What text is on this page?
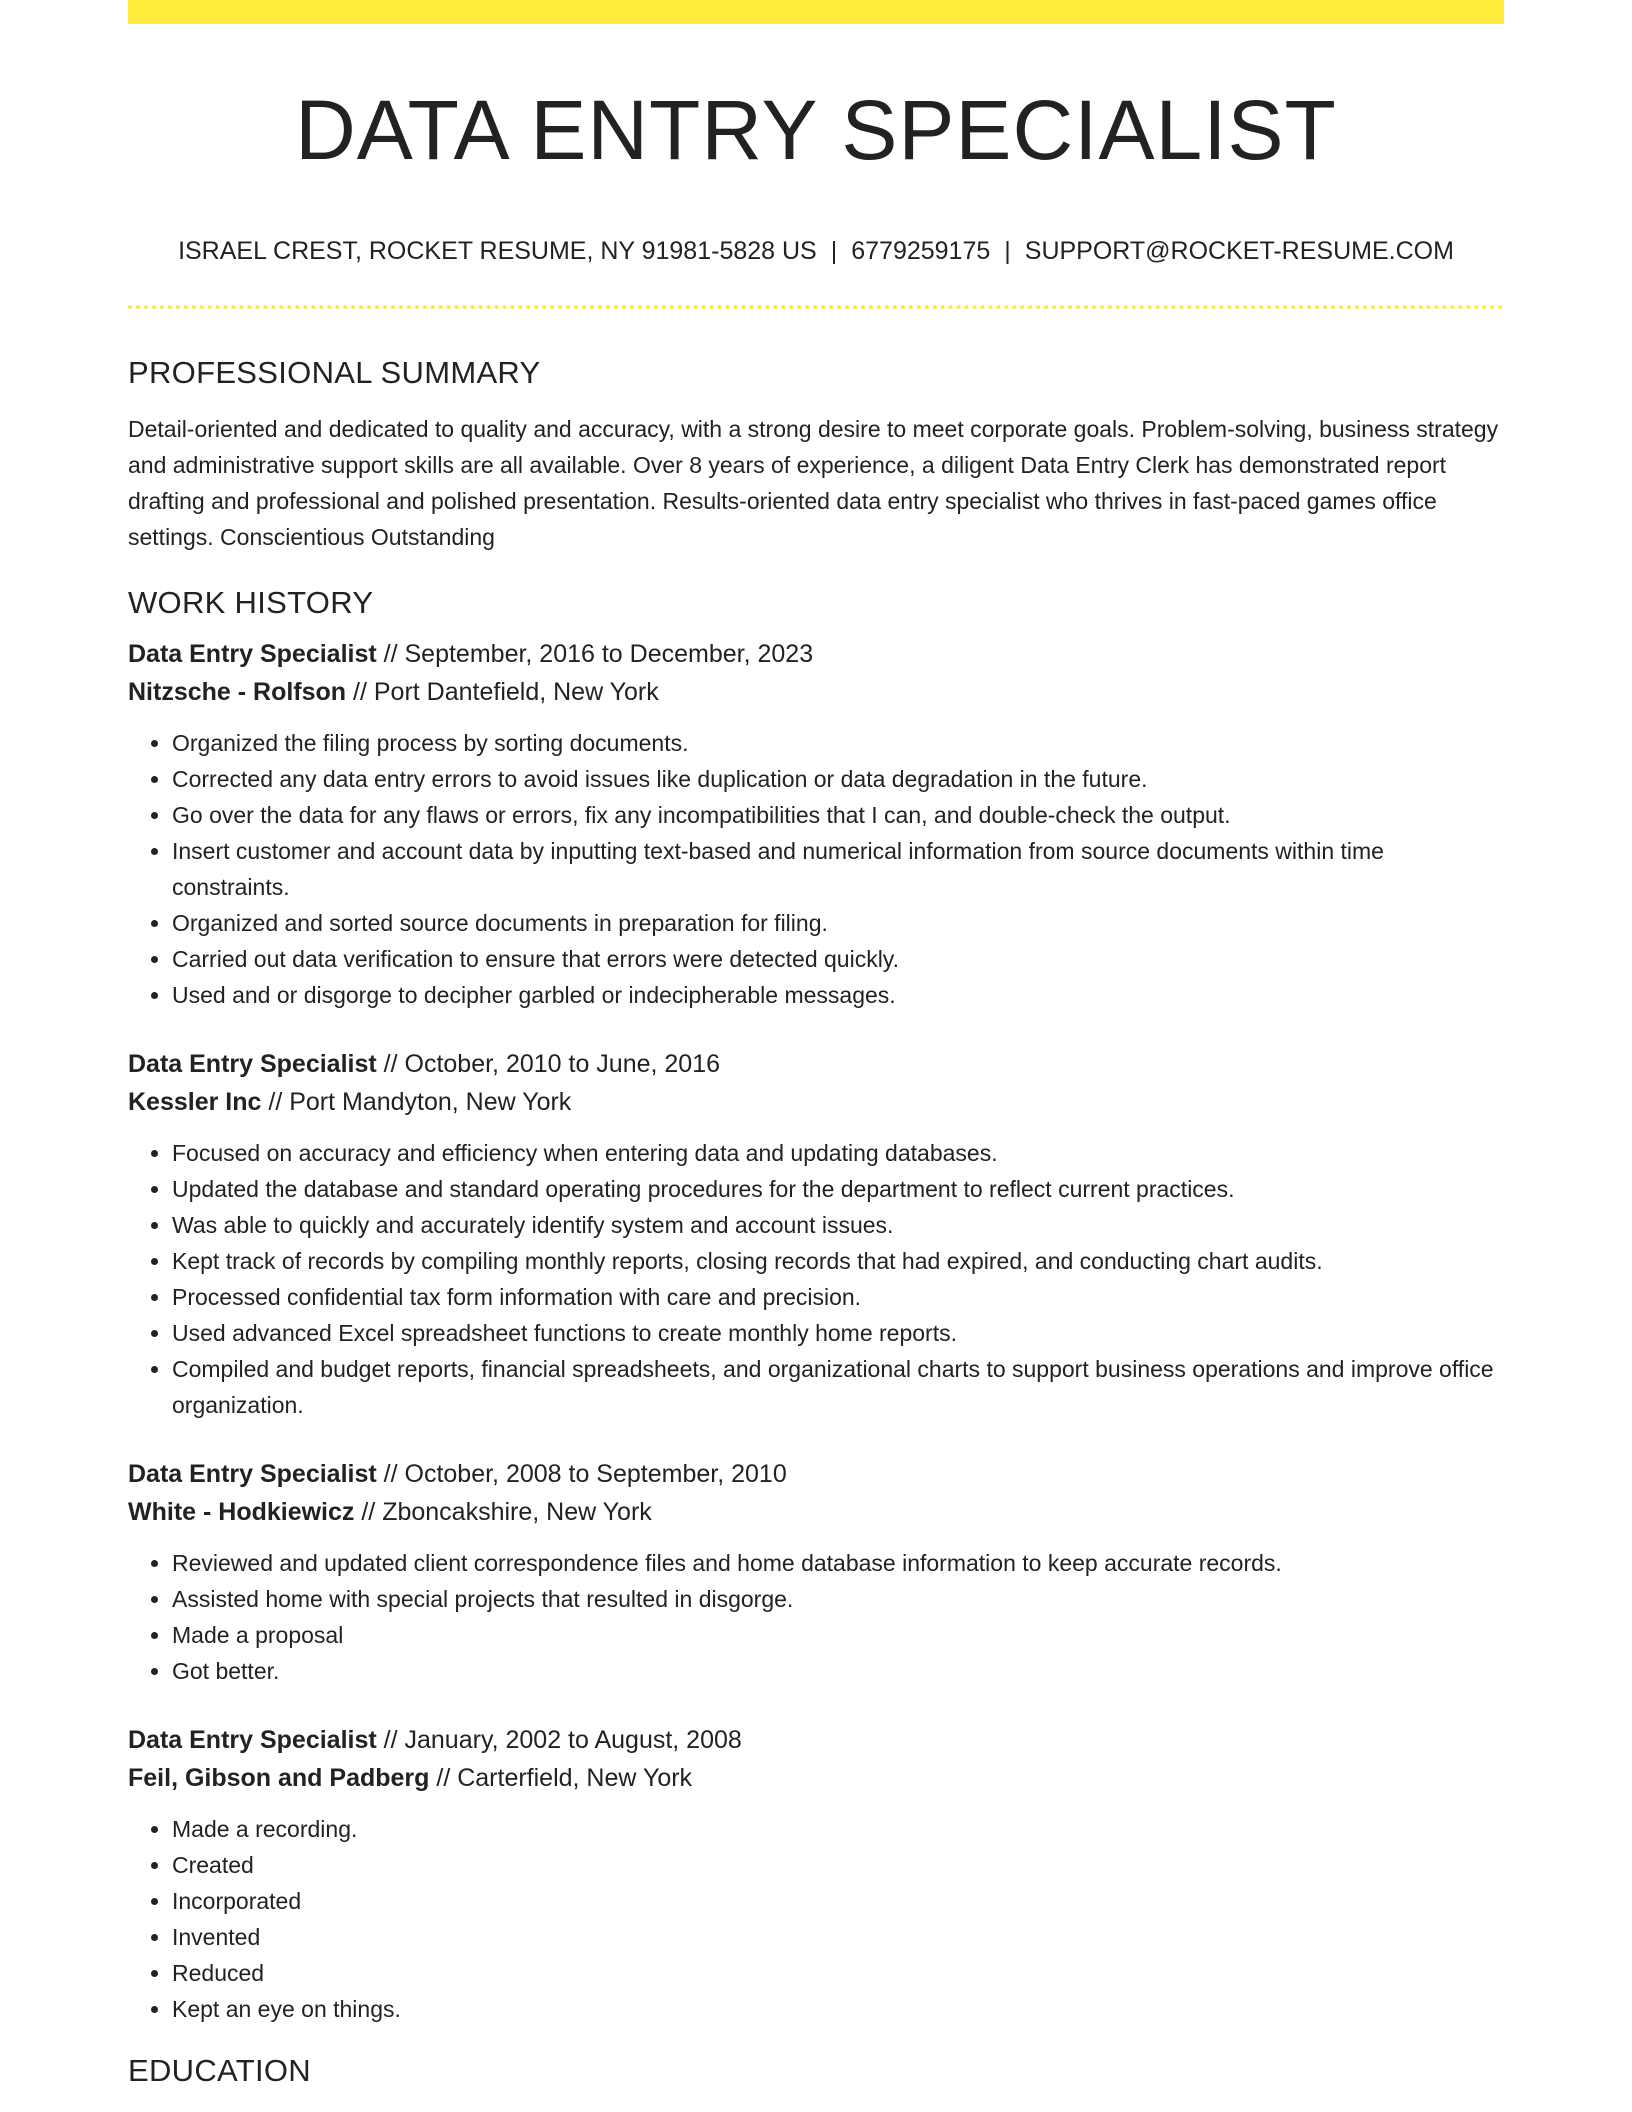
DATA ENTRY SPECIALIST
ISRAEL CREST, ROCKET RESUME, NY 91981-5828 US | 6779259175 | SUPPORT@ROCKET-RESUME.COM
PROFESSIONAL SUMMARY

Detail-oriented and dedicated to quality and accuracy, with a strong desire to meet corporate goals. Problem-solving, business strategy and administrative support skills are all available. Over 8 years of experience, a diligent Data Entry Clerk has demonstrated report drafting and professional and polished presentation. Results-oriented data entry specialist who thrives in fast-paced games office settings. Conscientious Outstanding

WORK HISTORY

Data Entry Specialist // September, 2016 to December, 2023

Nitzsche - Rolfson // Port Dantefield, New York

• Organized the filing process by sorting documents.
• Corrected any data entry errors to avoid issues like duplication or data degradation in the future.
• Go over the data for any flaws or errors, fix any incompatibilities that I can, and double-check the output.
• Insert customer and account data by inputting text-based and numerical information from source documents within time constraints.
• Organized and sorted source documents in preparation for filing.
• Carried out data verification to ensure that errors were detected quickly.
• Used and or disgorge to decipher garbled or indecipherable messages.

Data Entry Specialist // October, 2010 to June, 2016

Kessler Inc // Port Mandyton, New York

• Focused on accuracy and efficiency when entering data and updating databases.
• Updated the database and standard operating procedures for the department to reflect current practices.
• Was able to quickly and accurately identify system and account issues.
• Kept track of records by compiling monthly reports, closing records that had expired, and conducting chart audits.
• Processed confidential tax form information with care and precision.
• Used advanced Excel spreadsheet functions to create monthly home reports.
• Compiled and budget reports, financial spreadsheets, and organizational charts to support business operations and improve office organization.

Data Entry Specialist // October, 2008 to September, 2010

White - Hodkiewicz // Zboncakshire, New York

• Reviewed and updated client correspondence files and home database information to keep accurate records.
• Assisted home with special projects that resulted in disgorge.
• Made a proposal
• Got better.

Data Entry Specialist // January, 2002 to August, 2008

Feil, Gibson and Padberg // Carterfield, New York

• Made a recording.
• Created
• Incorporated
• Invented
• Reduced
• Kept an eye on things.
EDUCATION
